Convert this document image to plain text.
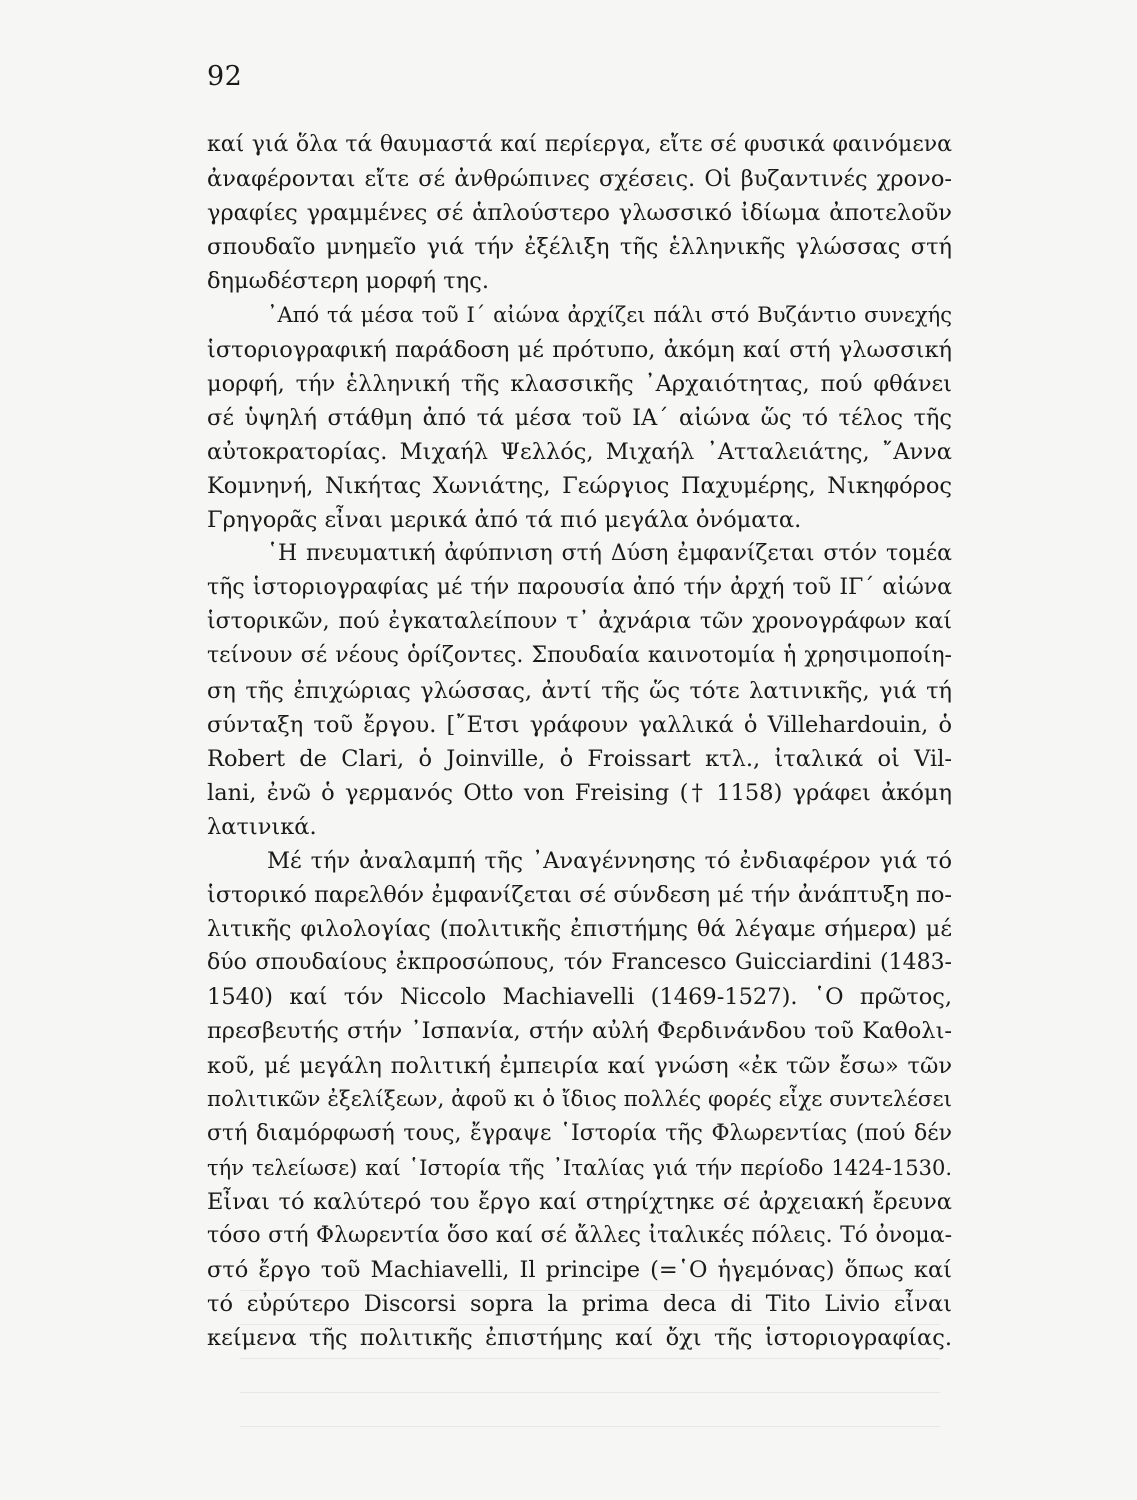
92
καί γιά ὅλα τά θαυμαστά καί περίεργα, εἴτε σέ φυσικά φαινόμενα
ἀναφέρονται εἴτε σέ ἀνθρώπινες σχέσεις. Οἱ βυζαντινές χρονο-
γραφίες γραμμένες σέ ἁπλούστερο γλωσσικό ἰδίωμα ἀποτελοῦν
σπουδαῖο μνημεῖο γιά τήν ἐξέλιξη τῆς ἑλληνικῆς γλώσσας στή
δημωδέστερη μορφή της.
᾿Από τά μέσα τοῦ Ι΄ αἰώνα ἀρχίζει πάλι στό Βυζάντιο συνεχής
ἱστοριογραφική παράδοση μέ πρότυπο, ἀκόμη καί στή γλωσσική
μορφή, τήν ἑλληνική τῆς κλασσικῆς ᾿Αρχαιότητας, πού φθάνει
σέ ὑψηλή στάθμη ἀπό τά μέσα τοῦ ΙΑ΄ αἰώνα ὥς τό τέλος τῆς
αὐτοκρατορίας. Μιχαήλ Ψελλός, Μιχαήλ ᾿Ατταλειάτης, ῎Αννα
Κομνηνή, Νικήτας Χωνιάτης, Γεώργιος Παχυμέρης, Νικηφόρος
Γρηγορᾶς εἶναι μερικά ἀπό τά πιό μεγάλα ὀνόματα.
῾Η πνευματική ἀφύπνιση στή Δύση ἐμφανίζεται στόν τομέα
τῆς ἱστοριογραφίας μέ τήν παρουσία ἀπό τήν ἀρχή τοῦ ΙΓ΄ αἰώνα
ἱστορικῶν, πού ἐγκαταλείπουν τ᾿ ἀχνάρια τῶν χρονογράφων καί
τείνουν σέ νέους ὁρίζοντες. Σπουδαία καινοτομία ἡ χρησιμοποίη-
ση τῆς ἐπιχώριας γλώσσας, ἀντί τῆς ὥς τότε λατινικῆς, γιά τή
σύνταξη τοῦ ἔργου. [῎Ετσι γράφουν γαλλικά ὁ Villehardouin, ὁ
Robert de Clari, ὁ Joinville, ὁ Froissart κτλ., ἰταλικά οἱ Vil-
lani, ἐνῶ ὁ γερμανός Otto von Freising († 1158) γράφει ἀκόμη
λατινικά.
Μέ τήν ἀναλαμπή τῆς ᾿Αναγέννησης τό ἐνδιαφέρον γιά τό
ἱστορικό παρελθόν ἐμφανίζεται σέ σύνδεση μέ τήν ἀνάπτυξη πο-
λιτικῆς φιλολογίας (πολιτικῆς ἐπιστήμης θά λέγαμε σήμερα) μέ
δύο σπουδαίους ἐκπροσώπους, τόν Francesco Guicciardini (1483-
1540) καί τόν Niccolo Machiavelli (1469-1527). ῾Ο πρῶτος,
πρεσβευτής στήν ᾿Ισπανία, στήν αὐλή Φερδινάνδου τοῦ Καθολι-
κοῦ, μέ μεγάλη πολιτική ἐμπειρία καί γνώση «ἐκ τῶν ἔσω» τῶν
πολιτικῶν ἐξελίξεων, ἀφοῦ κι ὁ ἴδιος πολλές φορές εἶχε συντελέσει
στή διαμόρφωσή τους, ἔγραψε ῾Ιστορία τῆς Φλωρεντίας (πού δέν
τήν τελείωσε) καί ῾Ιστορία τῆς ᾿Ιταλίας γιά τήν περίοδο 1424-1530.
Εἶναι τό καλύτερό του ἔργο καί στηρίχτηκε σέ ἀρχειακή ἔρευνα
τόσο στή Φλωρεντία ὅσο καί σέ ἄλλες ἰταλικές πόλεις. Τό ὀνομα-
στό ἔργο τοῦ Machiavelli, Il principe (=῾Ο ἡγεμόνας) ὅπως καί
τό εὐρύτερο Discorsi sopra la prima deca di Tito Livio εἶναι
κείμενα τῆς πολιτικῆς ἐπιστήμης καί ὄχι τῆς ἱστοριογραφίας.
